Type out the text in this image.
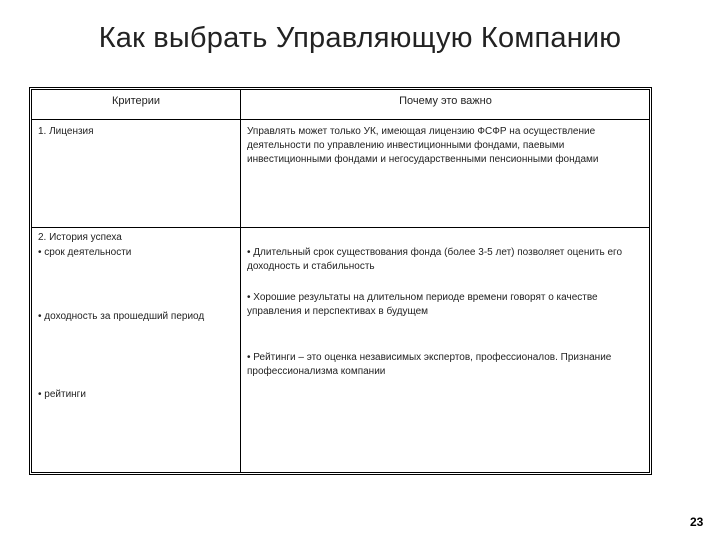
Как выбрать Управляющую Компанию
Критерии	Почему это важно
1. Лицензия	Управлять может только УК, имеющая лицензию ФСФР на осуществление деятельности по управлению инвестиционными фондами, паевыми инвестиционными фондами и негосударственными пенсионными фондами
2. История успеха
• срок деятельности
• доходность за прошедший период
• рейтинги
• Длительный срок существования фонда (более 3-5 лет) позволяет оценить его доходность и стабильность
• Хорошие результаты на длительном периоде времени говорят о качестве управления и перспективах в будущем
• Рейтинги – это оценка независимых экспертов, профессионалов. Признание профессионализма компании
23
